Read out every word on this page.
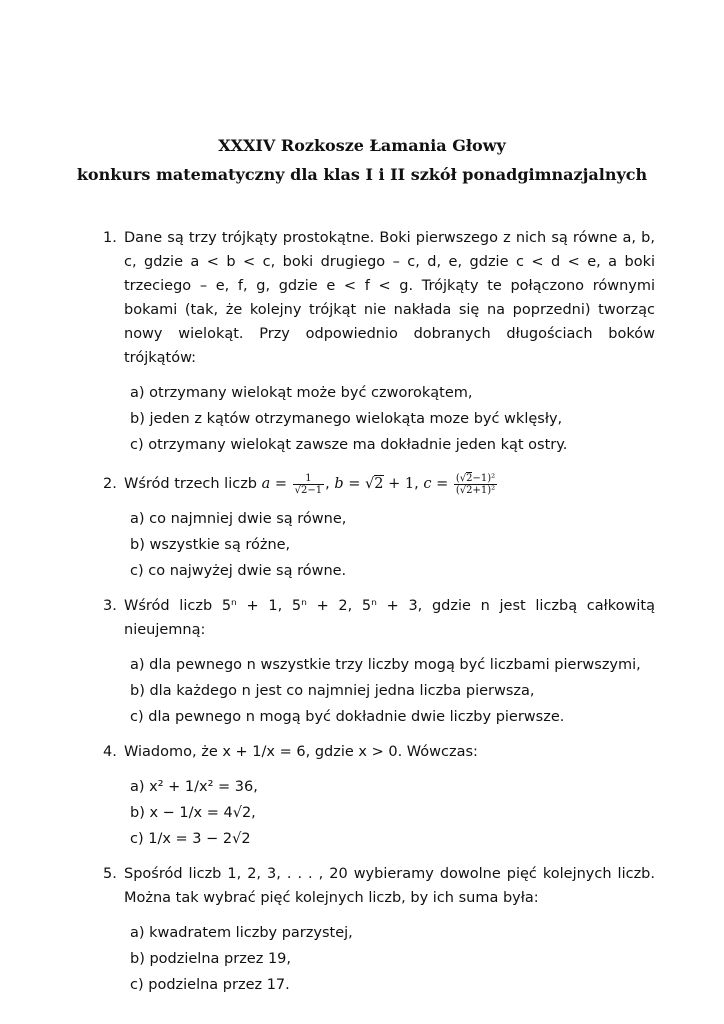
XXXIV Rozkosze Łamania Głowy
konkurs matematyczny dla klas I i II szkół ponadgimnazjalnych
1. Dane są trzy trójkąty prostokątne. Boki pierwszego z nich są równe a, b, c, gdzie a < b < c, boki drugiego – c, d, e, gdzie c < d < e, a boki trzeciego – e, f, g, gdzie e < f < g. Trójkąty te połączono równymi bokami (tak, że kolejny trójkąt nie nakłada się na poprzedni) tworząc nowy wielokąt. Przy odpowiednio dobranych długościach boków trójkątów:
a) otrzymany wielokąt może być czworokątem,
b) jeden z kątów otrzymanego wielokąta moze być wklęsły,
c) otrzymany wielokąt zawsze ma dokładnie jeden kąt ostry.
2. Wśród trzech liczb $a = \frac{1}{√2-1}$ , b = √2 + 1, $c = \frac{\text{(√2−1)²}}{\text{(√2+1)²}}$
a) co najmniej dwie są równe,
b) wszystkie są różne,
c) co najwyżej dwie są równe.
3. Wśród liczb 5ⁿ + 1, 5ⁿ + 2, 5ⁿ + 3, gdzie n jest liczbą całkowitą nieujemną:
a) dla pewnego n wszystkie trzy liczby mogą być liczbami pierwszymi,
b) dla każdego n jest co najmniej jedna liczba pierwsza,
c) dla pewnego n mogą być dokładnie dwie liczby pierwsze.
4. Wiadomo, że x + 1/x = 6, gdzie x > 0. Wówczas:
a) x² + 1/x² = 36,
b) x − 1/x = 4√2,
c) 1/x = 3 − 2√2
5. Spośród liczb 1, 2, 3, . . . , 20 wybieramy dowolne pięć kolejnych liczb. Można tak wybrać pięć kolejnych liczb, by ich suma była:
a) kwadratem liczby parzystej,
b) podzielna przez 19,
c) podzielna przez 17.
